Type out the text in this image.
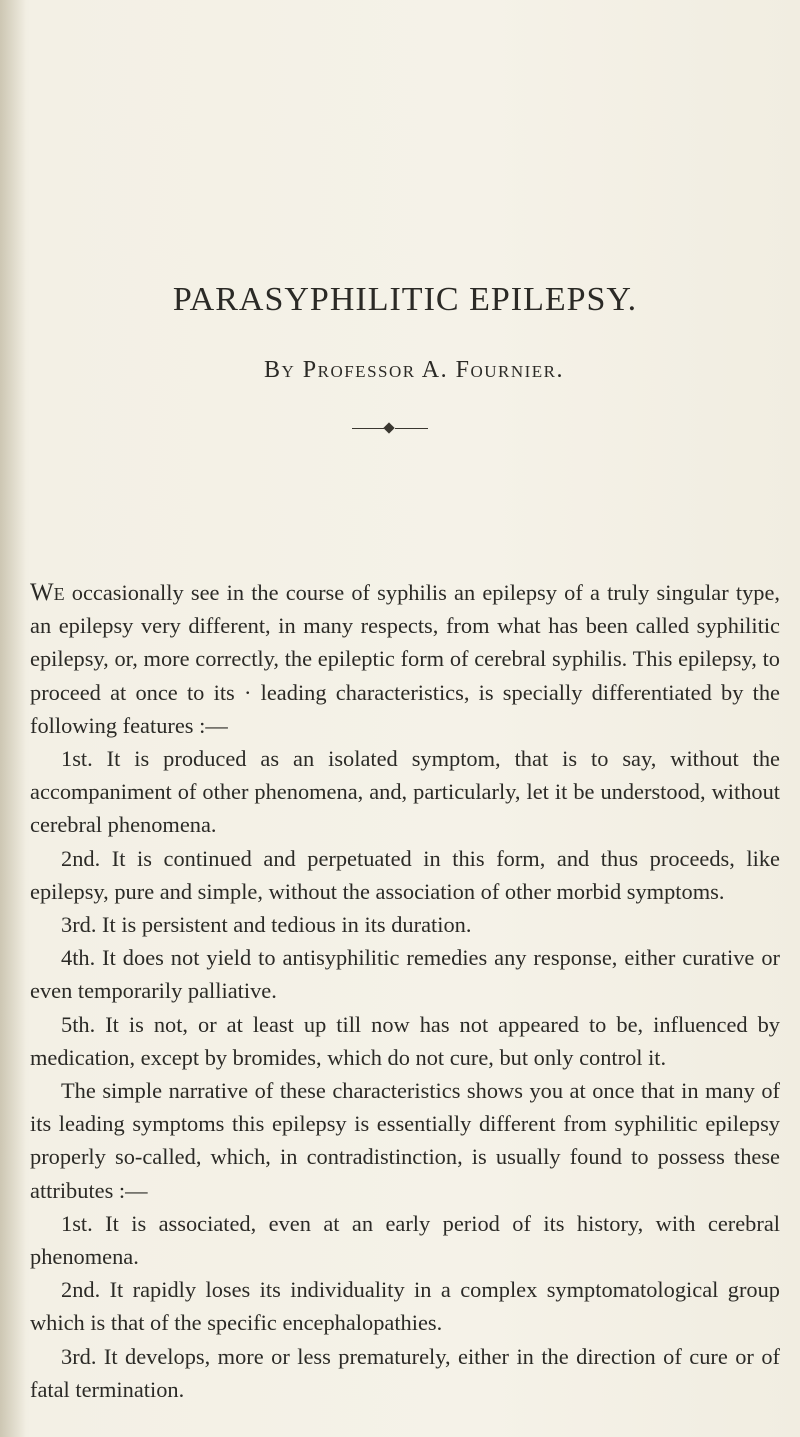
PARASYPHILITIC EPILEPSY.
By Professor A. Fournier.

We occasionally see in the course of syphilis an epilepsy of a truly singular type, an epilepsy very different, in many respects, from what has been called syphilitic epilepsy, or, more correctly, the epileptic form of cerebral syphilis. This epilepsy, to proceed at once to its · leading characteristics, is specially differentiated by the following features :—

1st. It is produced as an isolated symptom, that is to say, without the accompaniment of other phenomena, and, particularly, let it be understood, without cerebral phenomena.

2nd. It is continued and perpetuated in this form, and thus proceeds, like epilepsy, pure and simple, without the association of other morbid symptoms.

3rd. It is persistent and tedious in its duration.

4th. It does not yield to antisyphilitic remedies any response, either curative or even temporarily palliative.

5th. It is not, or at least up till now has not appeared to be, influenced by medication, except by bromides, which do not cure, but only control it.

The simple narrative of these characteristics shows you at once that in many of its leading symptoms this epilepsy is essentially different from syphilitic epilepsy properly so-called, which, in contradistinction, is usually found to possess these attributes :—

1st. It is associated, even at an early period of its history, with cerebral phenomena.

2nd. It rapidly loses its individuality in a complex symptomatological group which is that of the specific encephalopathies.

3rd. It develops, more or less prematurely, either in the direction of cure or of fatal termination.
